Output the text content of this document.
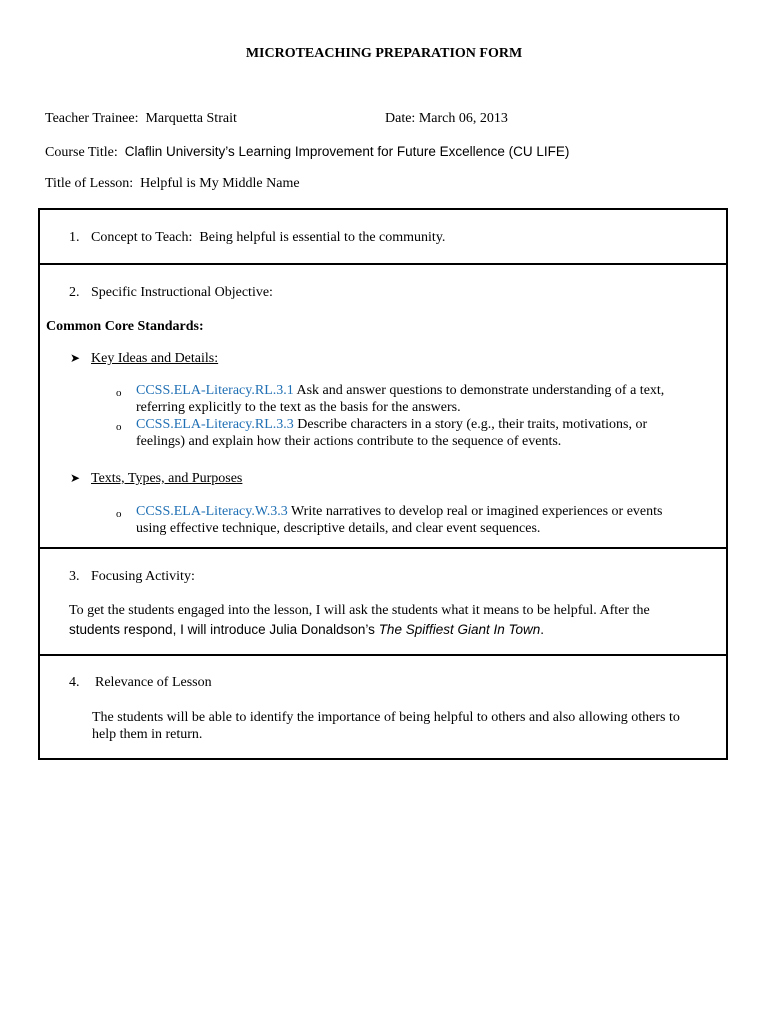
MICROTEACHING PREPARATION FORM
Teacher Trainee: Marquetta Strait	Date: March 06, 2013
Course Title: Claflin University’s Learning Improvement for Future Excellence (CU LIFE)
Title of Lesson: Helpful is My Middle Name
1. Concept to Teach: Being helpful is essential to the community.
2. Specific Instructional Objective:
Common Core Standards:
➤ Key Ideas and Details:
o CCSS.ELA-Literacy.RL.3.1 Ask and answer questions to demonstrate understanding of a text,
referring explicitly to the text as the basis for the answers.
o CCSS.ELA-Literacy.RL.3.3 Describe characters in a story (e.g., their traits, motivations, or
feelings) and explain how their actions contribute to the sequence of events.
➤ Texts, Types, and Purposes
o CCSS.ELA-Literacy.W.3.3 Write narratives to develop real or imagined experiences or events
using effective technique, descriptive details, and clear event sequences.
3. Focusing Activity:
To get the students engaged into the lesson, I will ask the students what it means to be helpful. After the
students respond, I will introduce Julia Donaldson’s The Spiffiest Giant In Town.
4. Relevance of Lesson
The students will be able to identify the importance of being helpful to others and also allowing others to
help them in return.
